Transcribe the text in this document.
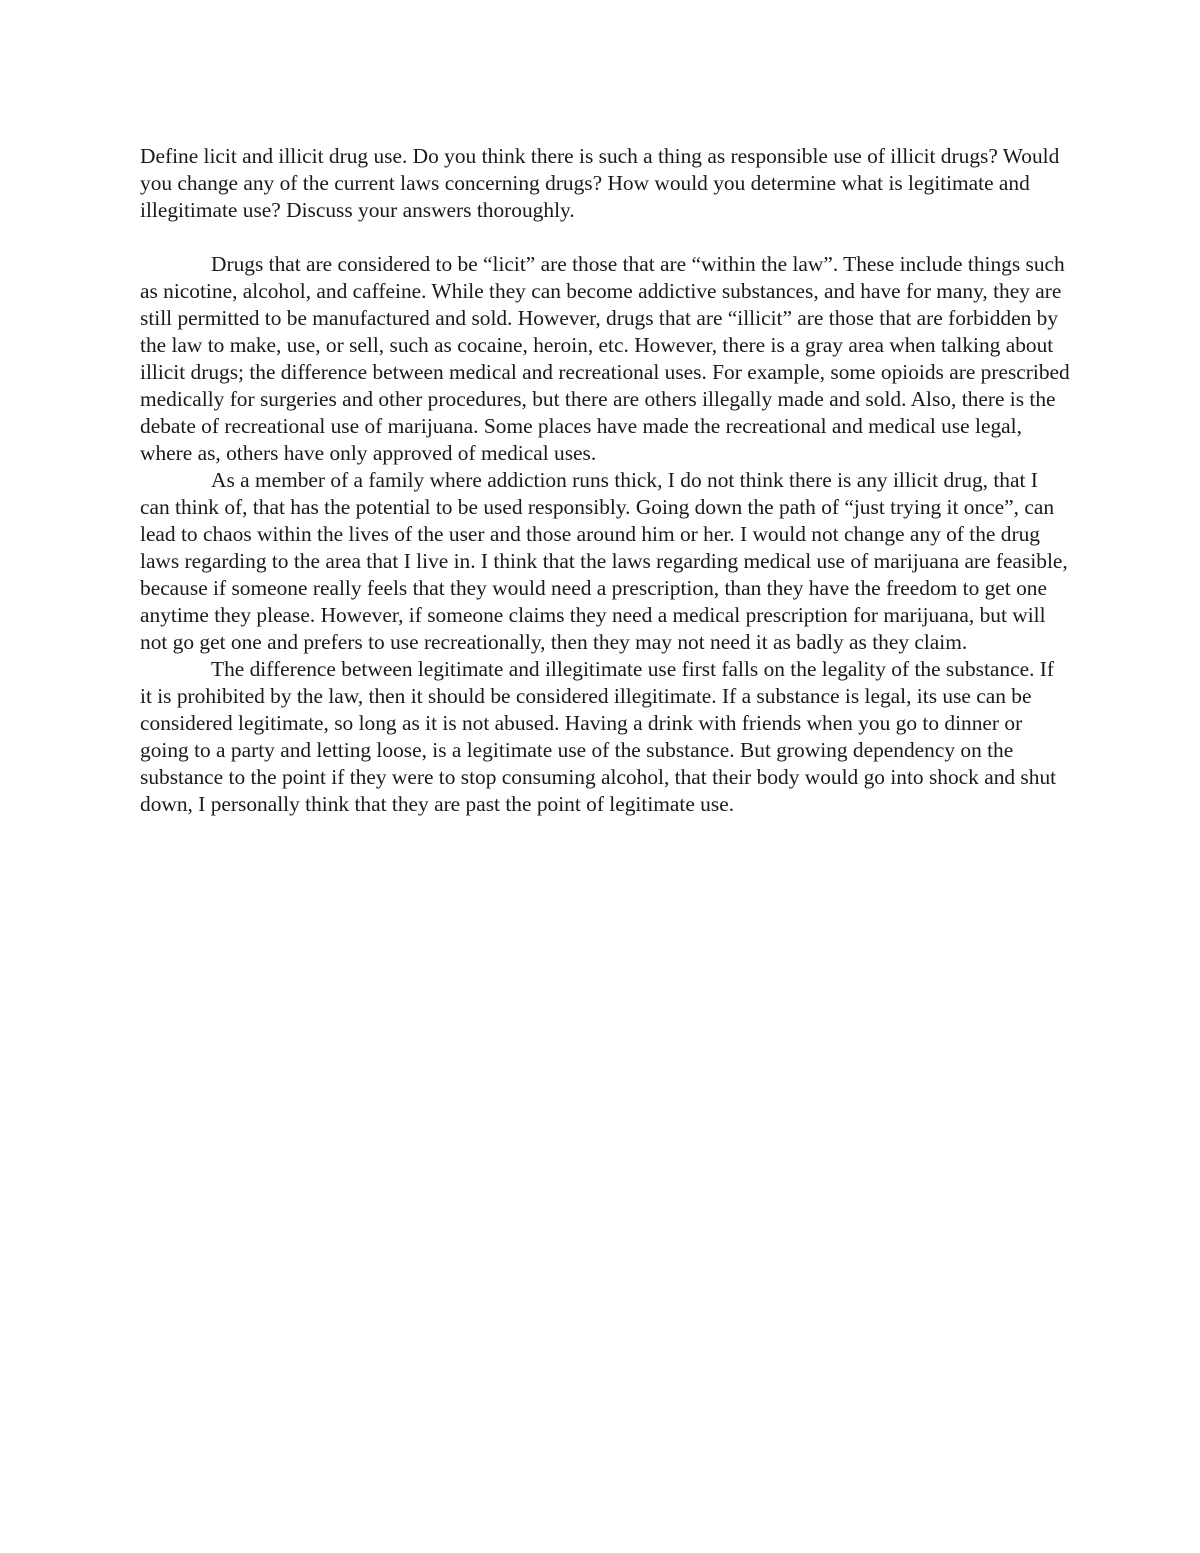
Define licit and illicit drug use. Do you think there is such a thing as responsible use of illicit drugs? Would you change any of the current laws concerning drugs? How would you determine what is legitimate and illegitimate use? Discuss your answers thoroughly.

Drugs that are considered to be “licit” are those that are “within the law”. These include things such as nicotine, alcohol, and caffeine. While they can become addictive substances, and have for many, they are still permitted to be manufactured and sold. However, drugs that are “illicit” are those that are forbidden by the law to make, use, or sell, such as cocaine, heroin, etc. However, there is a gray area when talking about illicit drugs; the difference between medical and recreational uses. For example, some opioids are prescribed medically for surgeries and other procedures, but there are others illegally made and sold. Also, there is the debate of recreational use of marijuana. Some places have made the recreational and medical use legal, where as, others have only approved of medical uses.

As a member of a family where addiction runs thick, I do not think there is any illicit drug, that I can think of, that has the potential to be used responsibly. Going down the path of “just trying it once”, can lead to chaos within the lives of the user and those around him or her. I would not change any of the drug laws regarding to the area that I live in. I think that the laws regarding medical use of marijuana are feasible, because if someone really feels that they would need a prescription, than they have the freedom to get one anytime they please. However, if someone claims they need a medical prescription for marijuana, but will not go get one and prefers to use recreationally, then they may not need it as badly as they claim.

The difference between legitimate and illegitimate use first falls on the legality of the substance. If it is prohibited by the law, then it should be considered illegitimate. If a substance is legal, its use can be considered legitimate, so long as it is not abused. Having a drink with friends when you go to dinner or going to a party and letting loose, is a legitimate use of the substance. But growing dependency on the substance to the point if they were to stop consuming alcohol, that their body would go into shock and shut down, I personally think that they are past the point of legitimate use.
